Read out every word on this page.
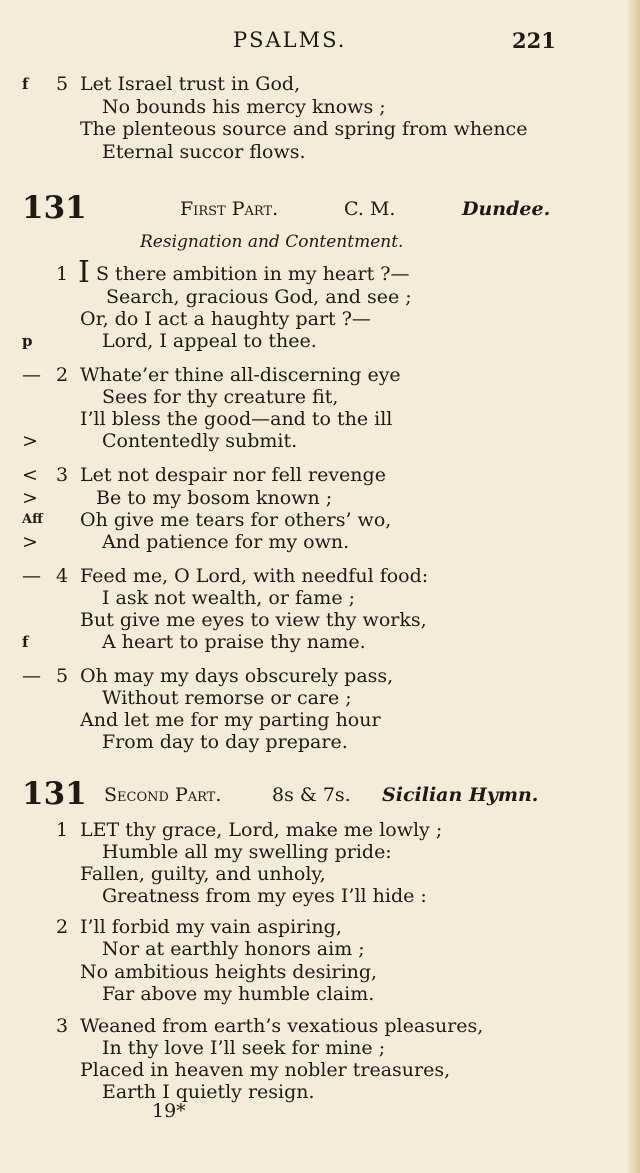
PSALMS.	221
f 5 Let Israel trust in God,
No bounds his mercy knows ;
The plenteous source and spring from whence
Eternal succor flows.
131	First Part.	C. M.	Dundee.
Resignation and Contentment.
1 I S there ambition in my heart ?—
Search, gracious God, and see ;
Or, do I act a haughty part ?—
p	Lord, I appeal to thee.
— 2 Whate’er thine all-discerning eye
Sees for thy creature fit,
I’ll bless the good—and to the ill
>	Contentedly submit.
< 3 Let not despair nor fell revenge
>	Be to my bosom known ;
Aff Oh give me tears for others’ wo,
>	And patience for my own.
— 4 Feed me, O Lord, with needful food:
I ask not wealth, or fame ;
But give me eyes to view thy works,
f	A heart to praise thy name.
— 5 Oh may my days obscurely pass,
Without remorse or care ;
And let me for my parting hour
From day to day prepare.
131 Second Part.	8s & 7s. Sicilian Hymn.
1 LET thy grace, Lord, make me lowly ;
Humble all my swelling pride:
Fallen, guilty, and unholy,
Greatness from my eyes I’ll hide :
2 I’ll forbid my vain aspiring,
Nor at earthly honors aim ;
No ambitious heights desiring,
Far above my humble claim.
3 Weaned from earth’s vexatious pleasures,
In thy love I’ll seek for mine ;
Placed in heaven my nobler treasures,
Earth I quietly resign.
19*
